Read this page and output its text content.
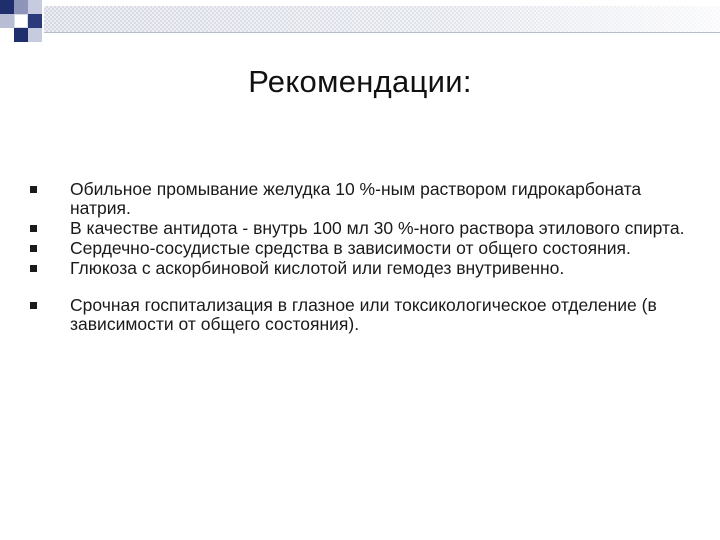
Рекомендации:
Обильное промывание желудка 10 %-ным раствором гидрокарбоната натрия.
В качестве антидота - внутрь 100 мл 30 %-ного раствора этилового спирта.
Сердечно-сосудистые средства в зависимости от общего состояния.
Глюкоза с аскорбиновой кислотой или гемодез внутривенно.
Срочная госпитализация в глазное или токсикологическое отделение (в зависимости от общего состояния).
